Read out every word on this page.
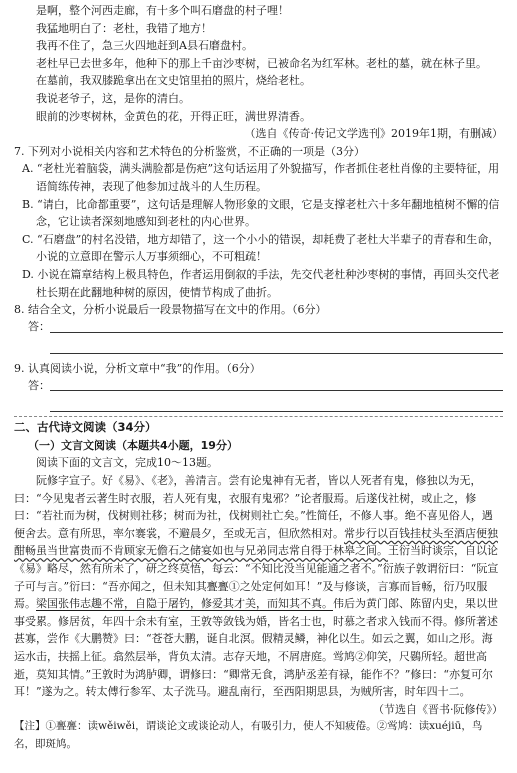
是啊，整个河西走廊，有十多个叫石磨盘的村子哩！

我猛地明白了：老杜，我错了地方！

我再不住了，急三火四地赶到A县石磨盘村。

老杜早已去世多年，他种下的那上千亩沙枣树，已被命名为红军林。老杜的墓，就在林子里。

在墓前，我双膝跪拿出在文史馆里拍的照片，烧给老杜。

我说老爷子，这，是你的清白。

眼前的沙枣树林，金黄色的花，开得正旺，满世界清香。

（选自《传奇·传记文学选刊》2019年1期，有删减）

7. 下列对小说相关内容和艺术特色的分析鉴赏，不正确的一项是（3分）

A. “老杜光着脑袋，满头满脸都是伤疤”这句话运用了外貌描写，作者抓住老杜肖像的主要特征，用语简练传神，表现了他参加过战斗的人生历程。

B. “请白，比命都重要”，这句话是理解人物形象的文眼，它是支撑老杜六十多年翻地植树不懈的信念，它让读者深刻地感知到老杜的内心世界。

C. “石磨盘”的村名没错，地方却错了，这一个小小的错误，却耗费了老杜大半辈子的青春和生命，小说的立意即在警示人万事须细心，不可粗疏！

D. 小说在篇章结构上极具特色，作者运用倒叙的手法，先交代老杜种沙枣树的事情，再回头交代老杜长期在此翻地种树的原因，使情节构成了曲折。

8. 结合全文，分析小说最后一段景物描写在文中的作用。（6分）

答：

9. 认真阅读小说，分析文章中“我”的作用。（6分）

答：

二、古代诗文阅读（34分）

（一）文言文阅读（本题共4小题，19分）

阅读下面的文言文，完成10～13题。

阮修字宣子。好《易》、《老》，善清言。尝有论鬼神有无者，皆以人死者有鬼，修独以为无，曰：“今见鬼者云著生时衣服，若人死有鬼，衣服有鬼邪？”论者服焉。后遂伐社树，或止之，修曰：“若社而为树，伐树则社移；树而为社，伐树则社亡矣。”性简任，不修人事。绝不喜见俗人，遇便舍去。意有所思，率尔褰裳，不避晨夕，至或无言，但欣然相对。常步行以百钱挂杖头至酒店便独酣畅虽当世富贵而不肯顾家无儋石之储宴如也与兄弟同志常自得于林皋之间。王衍当时谈宗，自以论《易》略尽，然有所未了，研之终莫悟，每云：“不知比没当见能通之者不。”衍族子敦谓衍曰：“阮宣子可与言。”衍曰：“吾亦闻之，但未知其亹亹①之处定何如耳！”及与修谈，言寡而旨畅，衍乃叹服焉。梁国张伟志趣不常，自隐于屠钓，修爱其才美，而知其不真。伟后为黄门郎、陈留内史，果以世事受累。修居贫，年四十余未有室，王敦等敛钱为婚，皆名士也，时慕之者求入钱而不得。修所著述甚寡，尝作《大鹏赞》曰：“苍苍大鹏，诞自北溟。假精灵鳞，神化以生。如云之翼，如山之形。海运水击，扶摇上征。翕然层举，背负太清。志存天地，不屑唐庭。鸴鸠②仰笑，尺鷃所轻。超世高逝，莫知其情。”王敦时为鸿胪卿，谓修曰：“卿常无食，鸿胪丞差有禄，能作不？”修曰：“亦复可尔耳！”遂为之。转太傅行参军、太子洗马。避乱南行，至西阳期思县，为贼所害，时年四十二。

（节选自《晋书·阮修传》）

【注】①亹亹：读wěiwěi，谓谈论文或谈论动人，有吸引力，使人不知疲倦。②鸴鸠：读xuéjiū，鸟名，即斑鸠。
